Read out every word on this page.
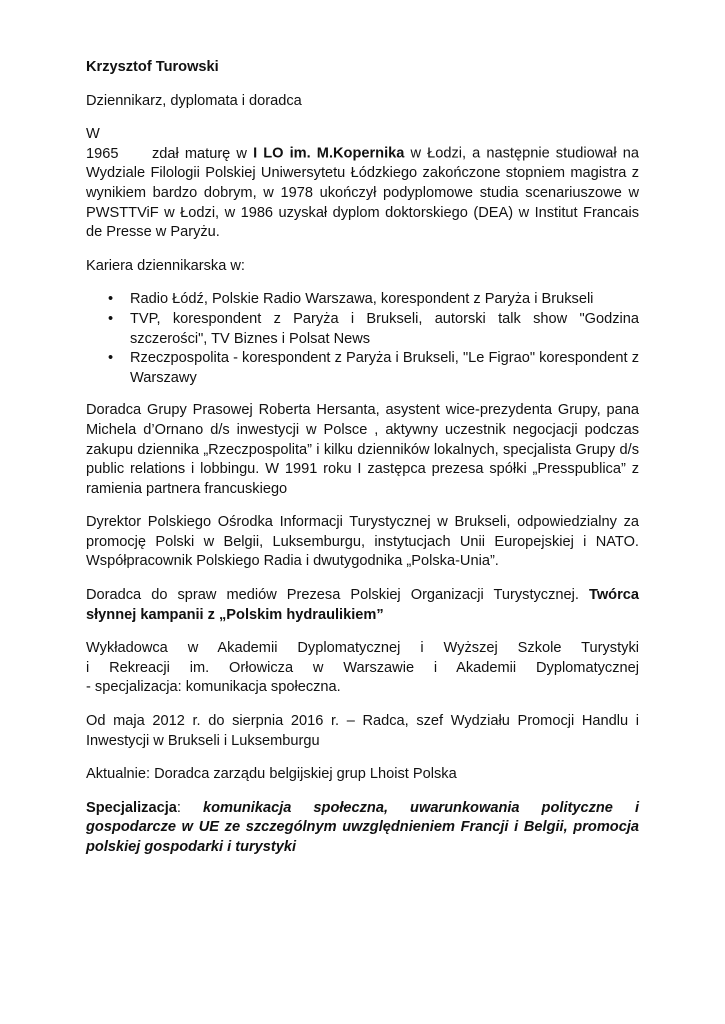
Krzysztof Turowski

Dziennikarz, dyplomata i doradca

W 1965 zdał maturę w I LO im. M.Kopernika w Łodzi, a następnie studiował na Wydziale Filologii Polskiej Uniwersytetu Łódzkiego zakończone stopniem magistra z wynikiem bardzo dobrym, w 1978 ukończył podyplomowe studia scenariuszowe w PWSTTViF w Łodzi, w 1986 uzyskał dyplom doktorskiego (DEA) w Institut Francais de Presse w Paryżu.

Kariera dziennikarska w:

• Radio Łódź, Polskie Radio Warszawa, korespondent z Paryża i Brukseli
• TVP, korespondent z Paryża i Brukseli, autorski talk show "Godzina szczerości", TV Biznes i Polsat News
• Rzeczpospolita - korespondent z Paryża i Brukseli, "Le Figrao" korespondent z Warszawy

Doradca Grupy Prasowej Roberta Hersanta, asystent wice-prezydenta Grupy, pana Michela d’Ornano d/s inwestycji w Polsce , aktywny uczestnik negocjacji podczas zakupu dziennika „Rzeczpospolita” i kilku dzienników lokalnych, specjalista Grupy d/s public relations i lobbingu. W 1991 roku I zastępca prezesa spółki „Presspublica” z ramienia partnera francuskiego

Dyrektor Polskiego Ośrodka Informacji Turystycznej w Brukseli, odpowiedzialny za promocję Polski w Belgii, Luksemburgu, instytucjach Unii Europejskiej i NATO. Współpracownik Polskiego Radia i dwutygodnika „Polska-Unia”.

Doradca do spraw mediów Prezesa Polskiej Organizacji Turystycznej. Twórca słynnej kampanii z „Polskim hydraulikiem”

Wykładowca w Akademii Dyplomatycznej i Wyższej Szkole Turystyki
i Rekreacji im. Orłowicza w Warszawie i Akademii Dyplomatycznej
- specjalizacja: komunikacja społeczna.

Od maja 2012 r. do sierpnia 2016 r. – Radca, szef Wydziału Promocji Handlu i Inwestycji w Brukseli i Luksemburgu

Aktualnie: Doradca zarządu belgijskiej grup Lhoist Polska

Specjalizacja: komunikacja społeczna, uwarunkowania polityczne i gospodarcze w UE ze szczególnym uwzględnieniem Francji i Belgii, promocja polskiej gospodarki i turystyki
